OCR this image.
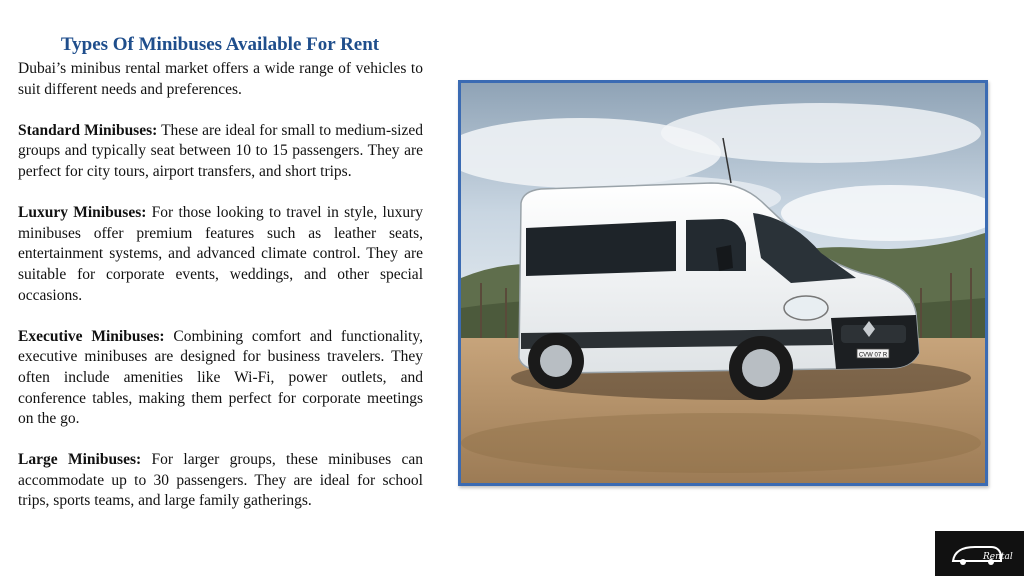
Types Of Minibuses Available For Rent

Dubai’s minibus rental market offers a wide range of vehicles to suit different needs and preferences.

Standard Minibuses: These are ideal for small to medium-sized groups and typically seat between 10 to 15 passengers. They are perfect for city tours, airport transfers, and short trips.

Luxury Minibuses: For those looking to travel in style, luxury minibuses offer premium features such as leather seats, entertainment systems, and advanced climate control. They are suitable for corporate events, weddings, and other special occasions.

Executive Minibuses: Combining comfort and functionality, executive minibuses are designed for business travelers. They often include amenities like Wi-Fi, power outlets, and conference tables, making them perfect for corporate meetings on the go.

Large Minibuses: For larger groups, these minibuses can accommodate up to 30 passengers. They are ideal for school trips, sports teams, and large family gatherings.

CVW 07 R
Rental
